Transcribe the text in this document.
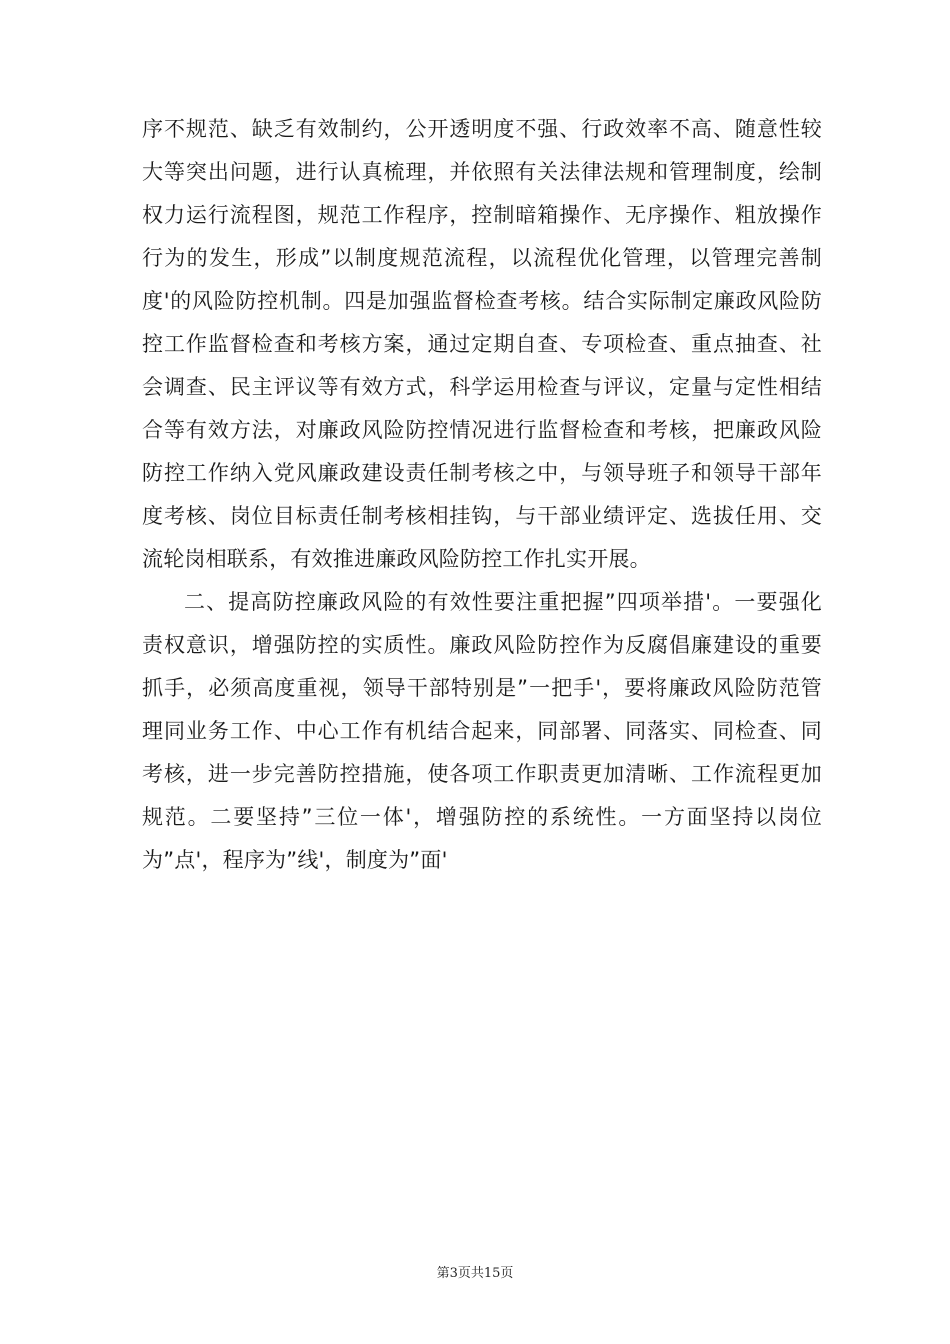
序不规范、缺乏有效制约，公开透明度不强、行政效率不高、随意性较
大等突出问题，进行认真梳理，并依照有关法律法规和管理制度，绘制
权力运行流程图，规范工作程序，控制暗箱操作、无序操作、粗放操作
行为的发生，形成”以制度规范流程，以流程优化管理，以管理完善制
度'的风险防控机制。四是加强监督检查考核。结合实际制定廉政风险防
控工作监督检查和考核方案，通过定期自查、专项检查、重点抽查、社
会调查、民主评议等有效方式，科学运用检查与评议，定量与定性相结
合等有效方法，对廉政风险防控情况进行监督检查和考核，把廉政风险
防控工作纳入党风廉政建设责任制考核之中，与领导班子和领导干部年
度考核、岗位目标责任制考核相挂钩，与干部业绩评定、选拔任用、交
流轮岗相联系，有效推进廉政风险防控工作扎实开展。
二、提高防控廉政风险的有效性要注重把握”四项举措'。一要强化
责权意识，增强防控的实质性。廉政风险防控作为反腐倡廉建设的重要
抓手，必须高度重视，领导干部特别是”一把手'，要将廉政风险防范管
理同业务工作、中心工作有机结合起来，同部署、同落实、同检查、同
考核，进一步完善防控措施，使各项工作职责更加清晰、工作流程更加
规范。二要坚持”三位一体'，增强防控的系统性。一方面坚持以岗位
为”点'，程序为”线'，制度为”面'
第3页共15页
